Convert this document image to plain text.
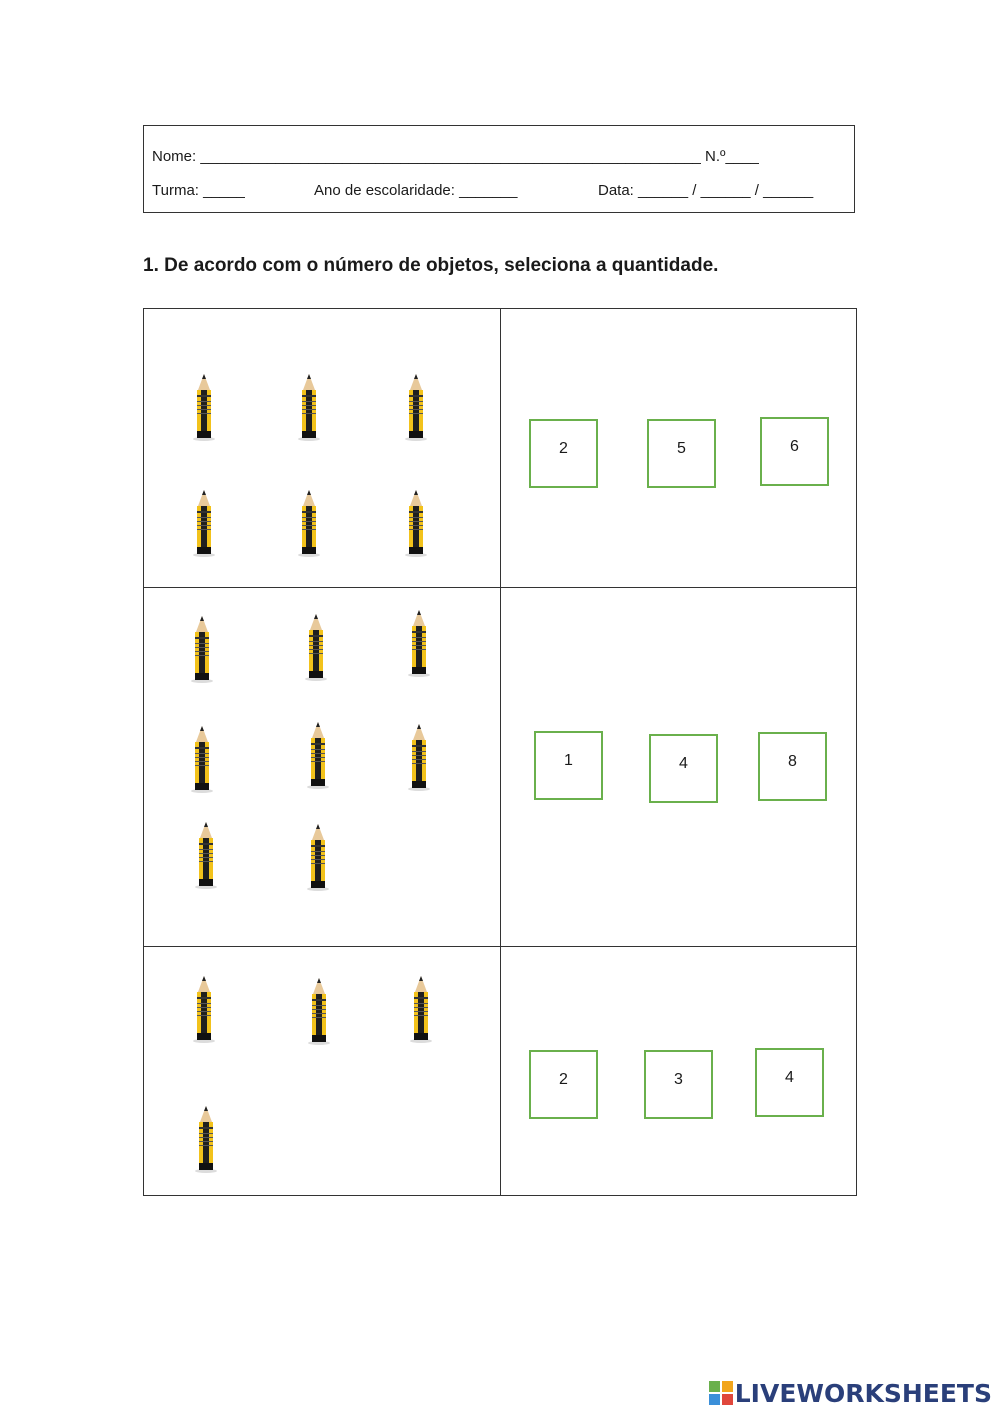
Nome: ____________________________________________________________ N.º____
Turma: _____	Ano de escolaridade: _______	Data: ______ / ______ / ______
1. De acordo com o número de objetos, seleciona a quantidade.
2	5	6
1	4	8
2	3	4
LIVEWORKSHEETS
